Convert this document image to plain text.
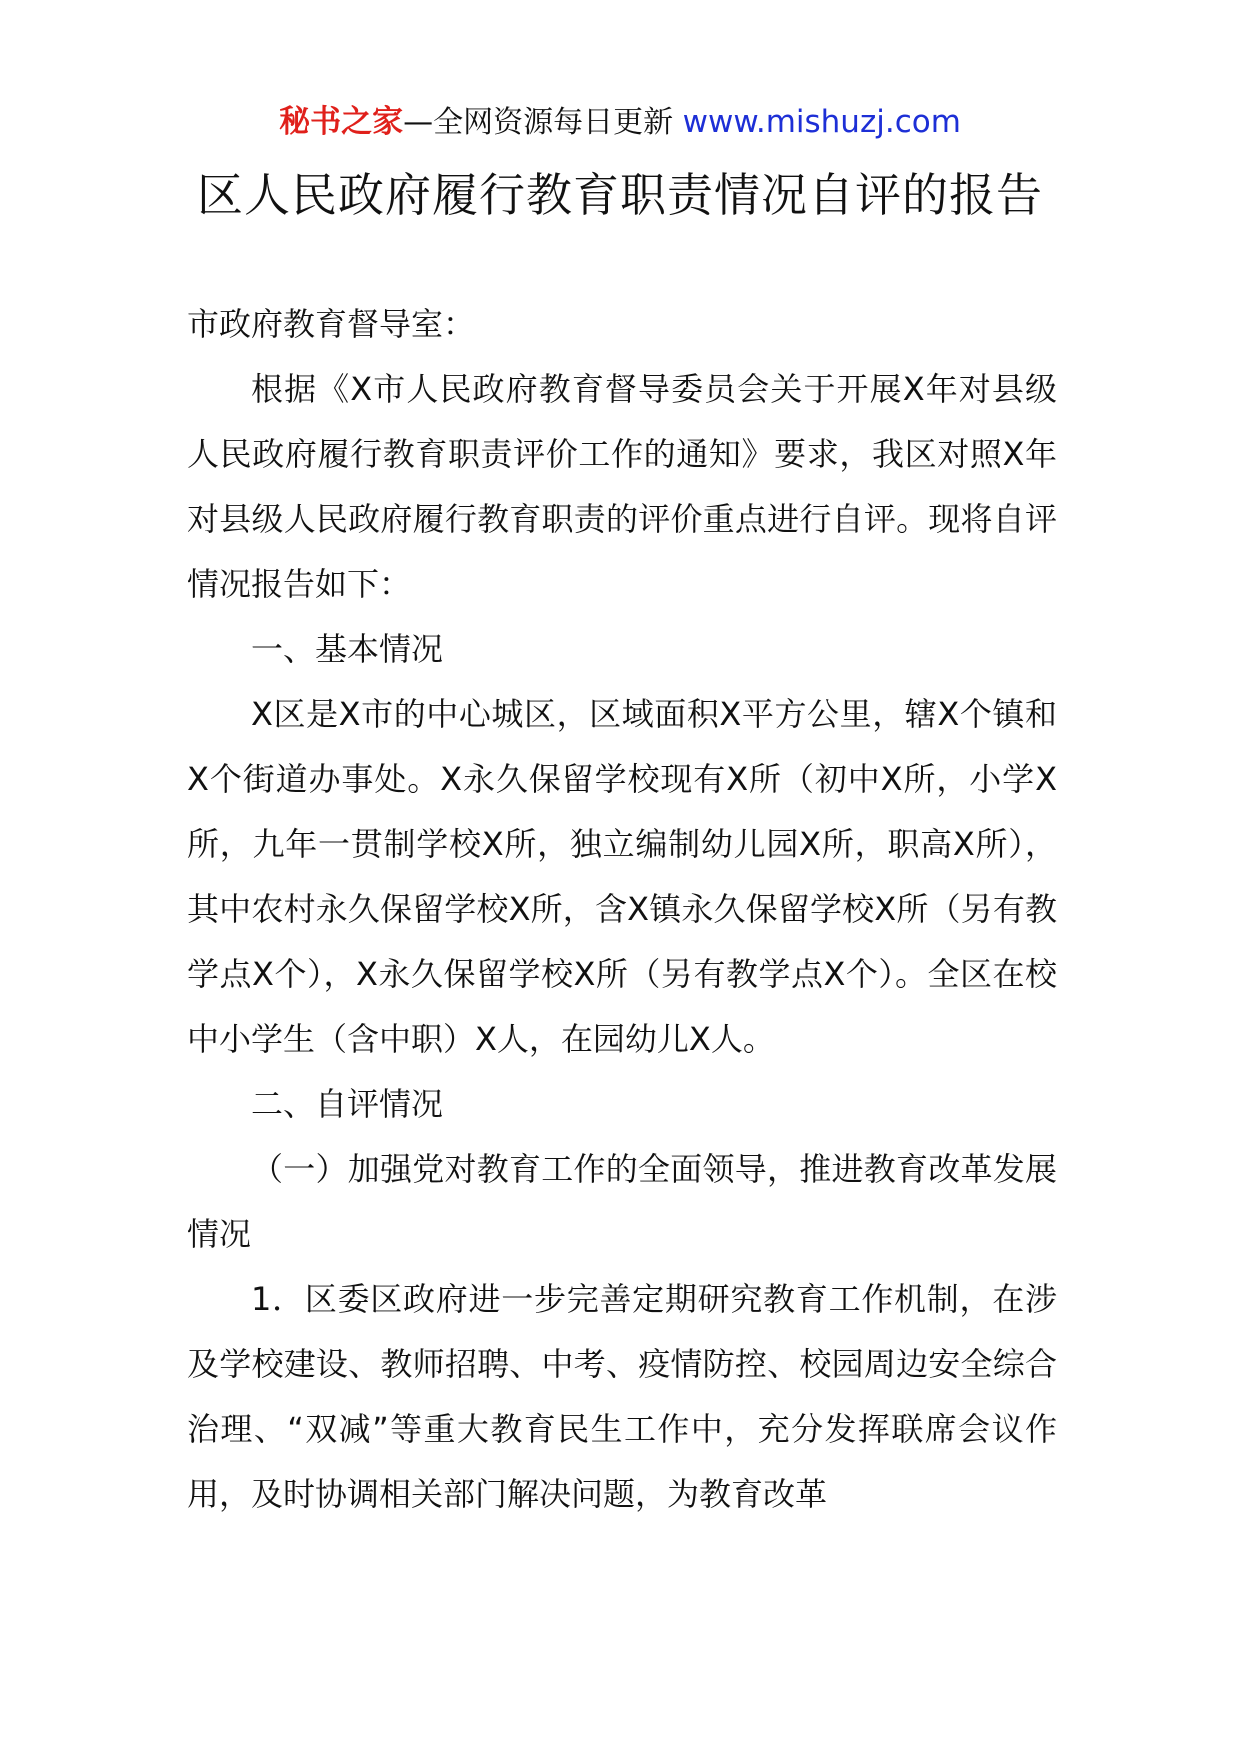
秘书之家—全网资源每日更新 www.mishuzj.com
区人民政府履行教育职责情况自评的报告

市政府教育督导室：

根据《X市人民政府教育督导委员会关于开展X年对县级人民政府履行教育职责评价工作的通知》要求，我区对照X年对县级人民政府履行教育职责的评价重点进行自评。现将自评情况报告如下：

一、基本情况

X区是X市的中心城区，区域面积X平方公里，辖X个镇和X个街道办事处。X永久保留学校现有X所（初中X所，小学X所，九年一贯制学校X所，独立编制幼儿园X所，职高X所），其中农村永久保留学校X所，含X镇永久保留学校X所（另有教学点X个），X永久保留学校X所（另有教学点X个）。全区在校中小学生（含中职）X人，在园幼儿X人。

二、自评情况

（一）加强党对教育工作的全面领导，推进教育改革发展情况

1．区委区政府进一步完善定期研究教育工作机制，在涉及学校建设、教师招聘、中考、疫情防控、校园周边安全综合治理、“双减”等重大教育民生工作中，充分发挥联席会议作用，及时协调相关部门解决问题，为教育改革
